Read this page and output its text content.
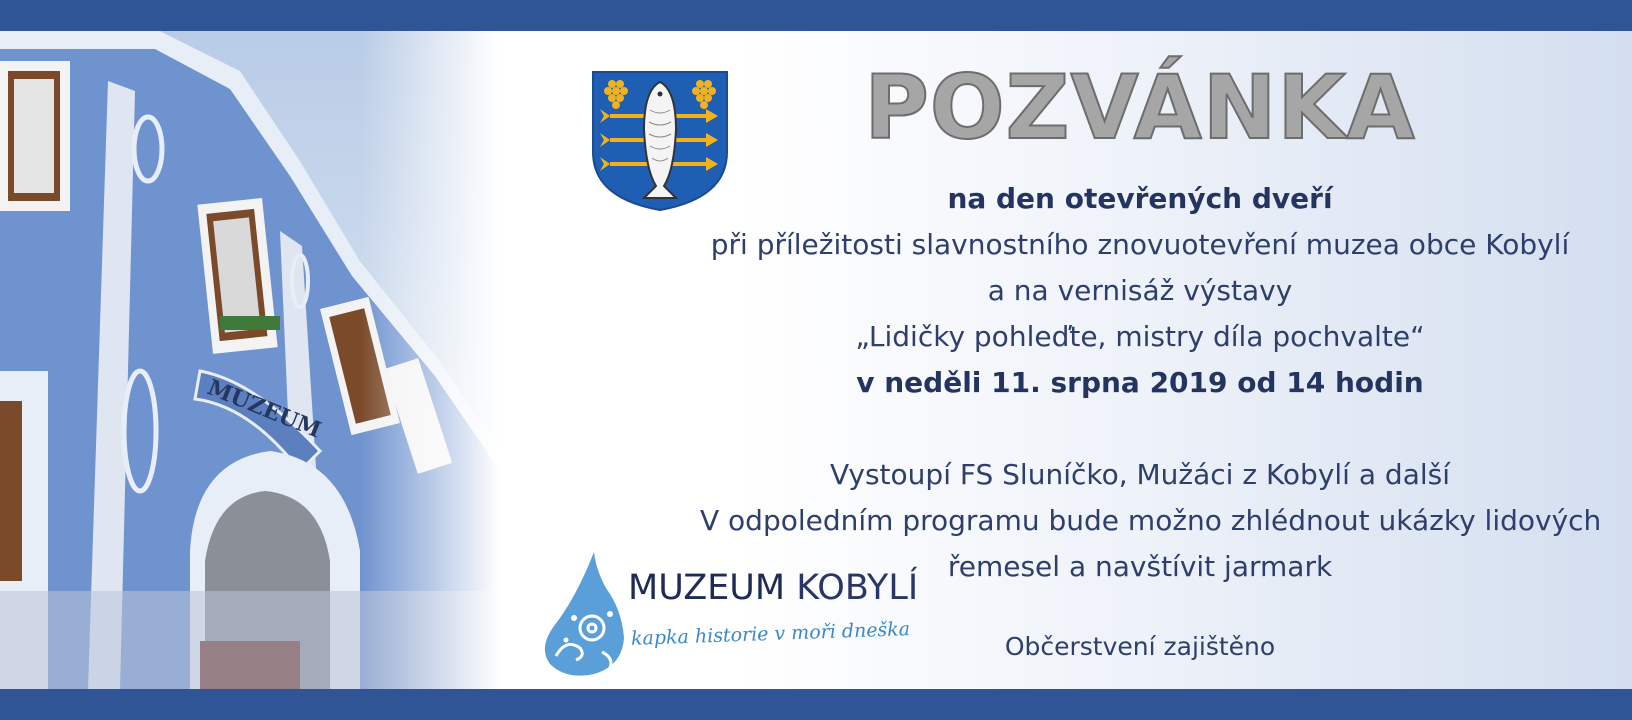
POZVÁNKA
na den otevřených dveří
při příležitosti slavnostního znovuotevření muzea obce Kobylí
a na vernisáž výstavy
„Lidičky pohleďte, mistry díla pochvalte“
v neděli 11. srpna 2019 od 14 hodin
Vystoupí FS Sluníčko, Mužáci z Kobylí a další
V odpoledním programu bude možno zhlédnout ukázky lidových
řemesel a navštívit jarmark
Občerstvení zajištěno
MUZEUM KOBYLÍ
kapka historie v moři dneška
